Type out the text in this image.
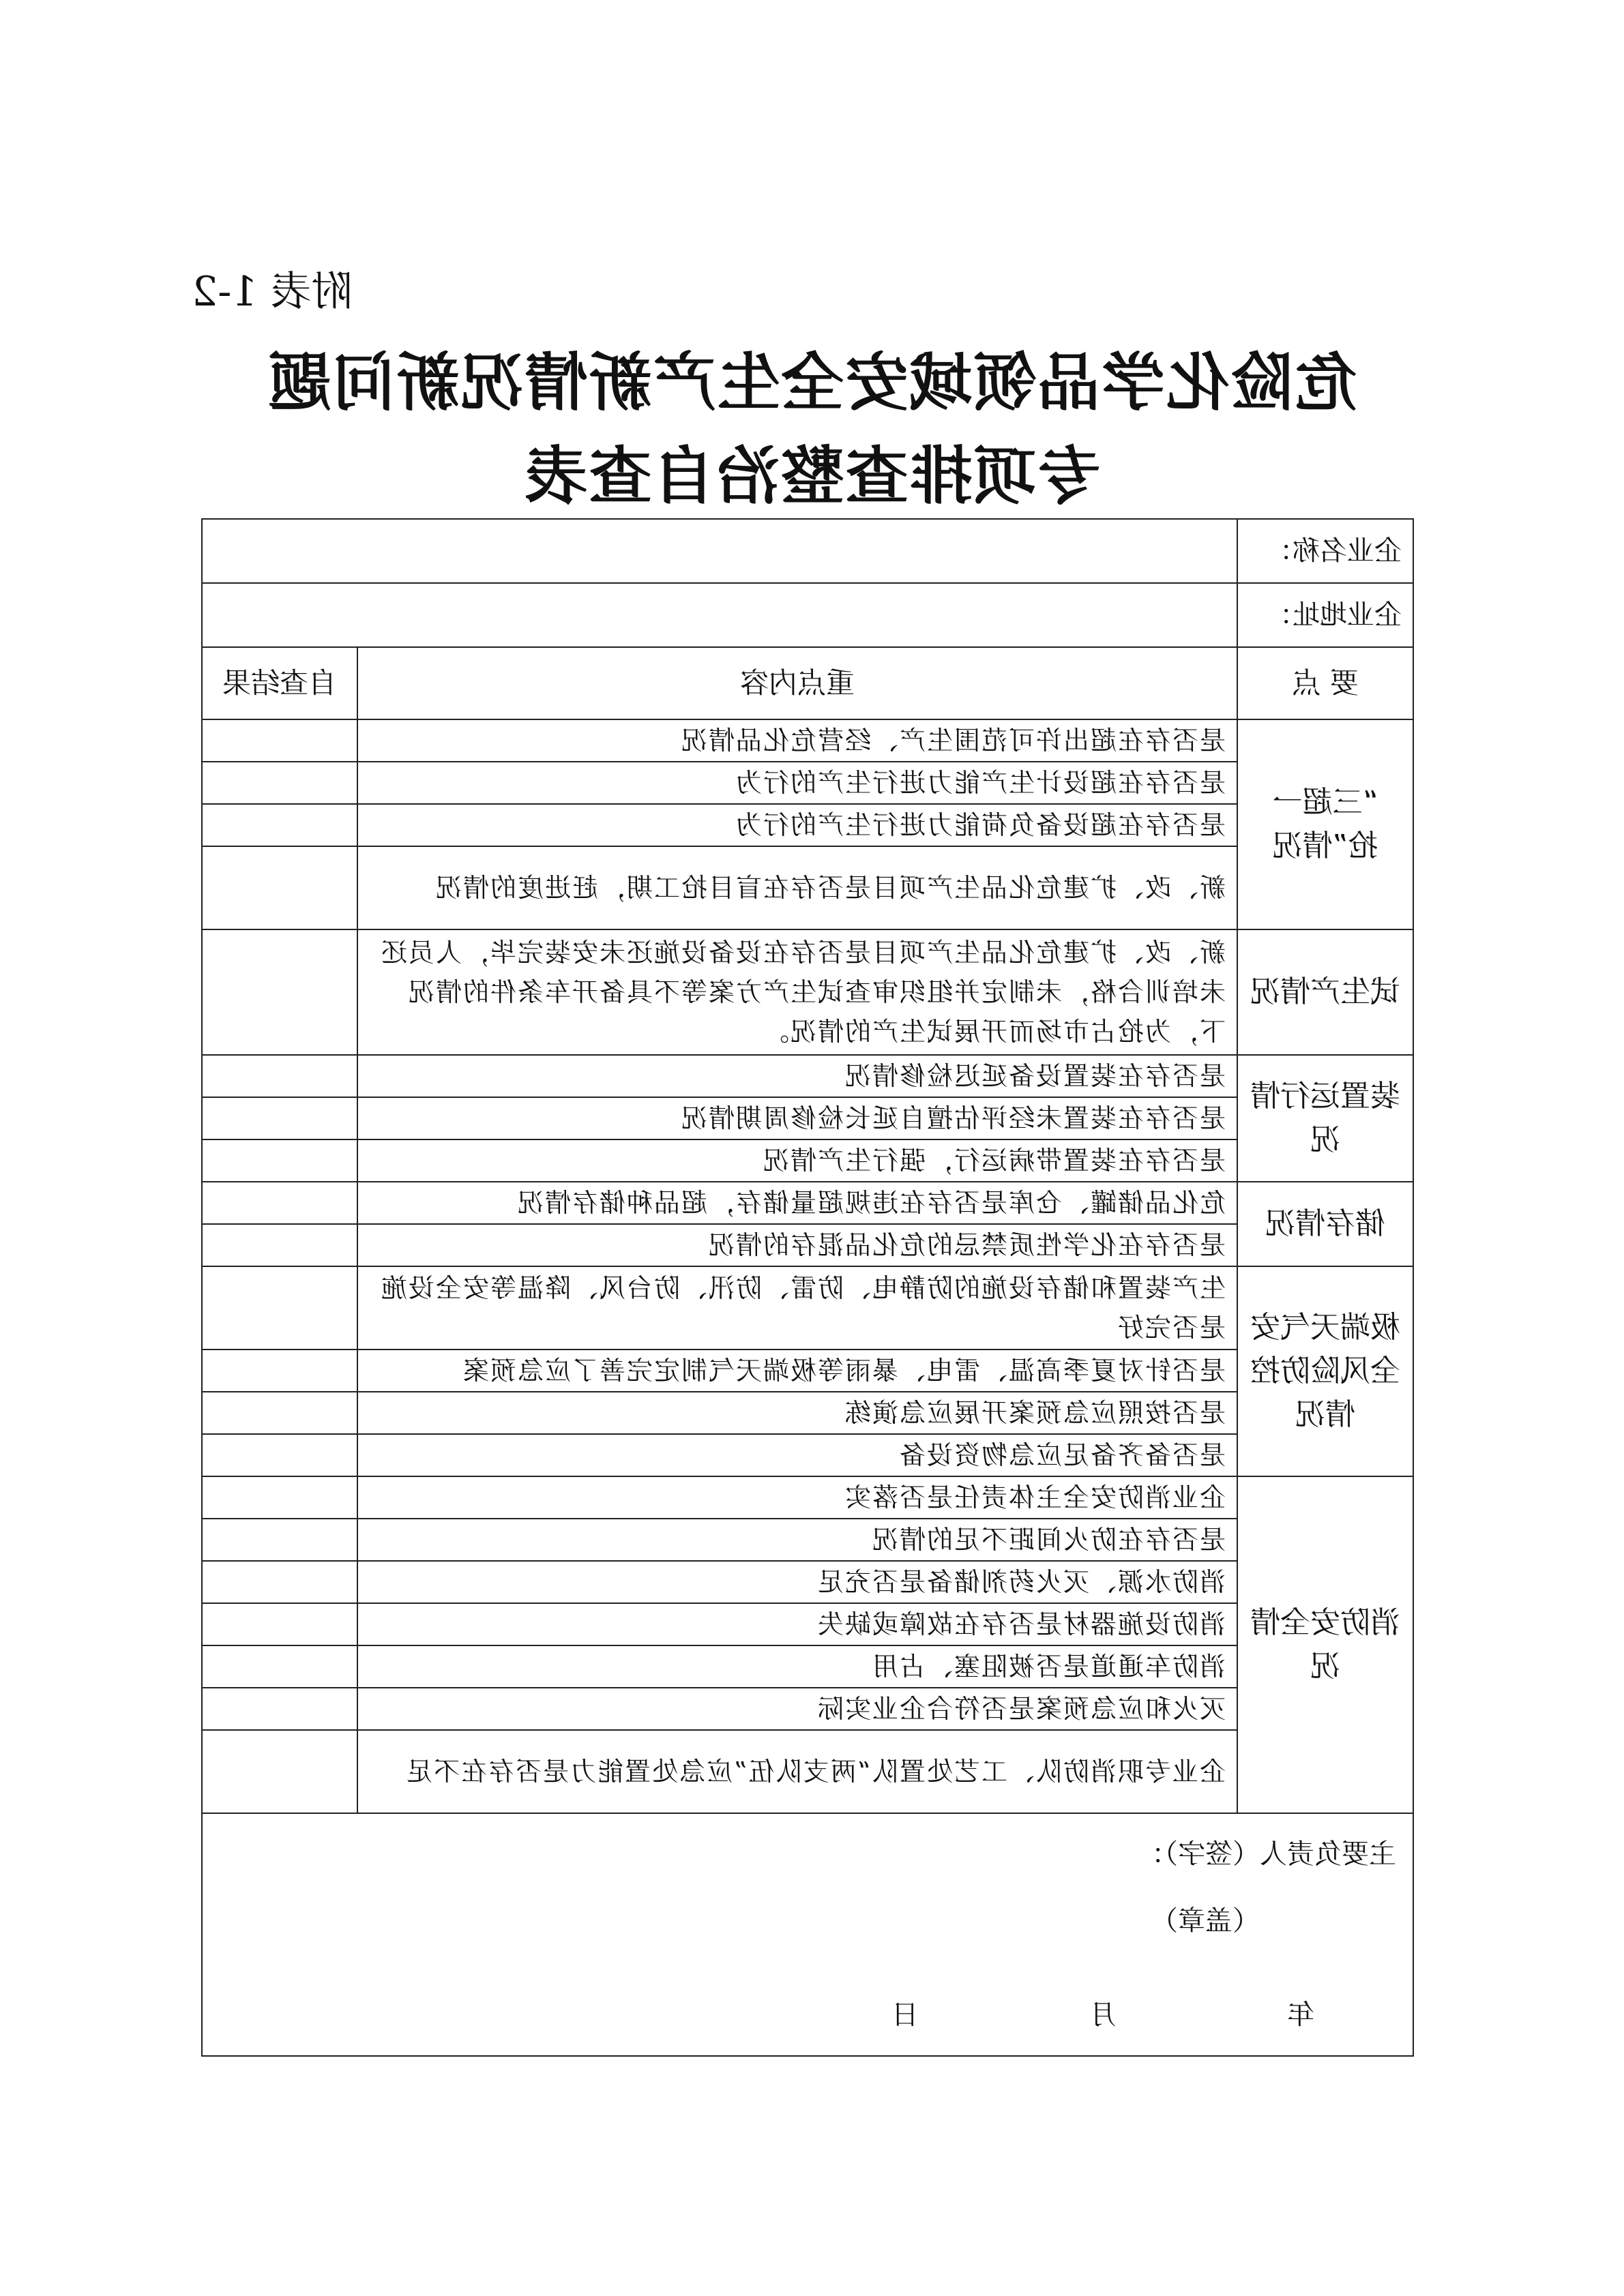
附表 1-2
危险化学品领域安全生产新情况新问题
专项排查整治自查表
企业名称：		
企业地址：		
要 点	重点内容	自查结果
“三超一抢”情况	是否存在超出许可范围生产、经营危化品情况	
	是否存在超设计生产能力进行生产的行为	
	是否存在超设备负荷能力进行生产的行为	
	新、改、扩建危化品生产项目是否存在盲目抢工期，赶进度的情况	
试生产情况	新、改、扩建危化品生产项目是否存在设备设施还未安装完毕，人员还未培训合格，未制定并组织审查试生产方案等不具备开车条件的情况下，为抢占市场而开展试生产的情况。	
装置运行情况	是否存在装置设备延迟检修情况	
	是否存在装置未经评估擅自延长检修周期情况	
	是否存在装置带病运行，强行生产情况	
储存情况	危化品储罐、仓库是否存在违规超量储存，超品种储存情况	
	是否存在化学性质禁忌的危化品混存的情况	
极端天气安全风险防控情况	生产装置和储存设施的防静电、防雷、防汛、防台风、降温等安全设施是否完好	
	是否针对夏季高温、雷电、暴雨等极端天气制定完善了应急预案	
	是否按照应急预案开展应急演练	
	是否备齐备足应急物资设备	
消防安全情况	企业消防安全主体责任是否落实	
	是否存在防火间距不足的情况	
	消防水源、灭火药剂储备是否充足	
	消防设施器材是否存在故障或缺失	
	消防车通道是否被阻塞、占用	
	灭火和应急预案是否符合企业实际	
	企业专职消防队、工艺处置队“两支队伍”应急处置能力是否存在不足	

主要负责人（签字）：
（盖章）
年
月
日		
